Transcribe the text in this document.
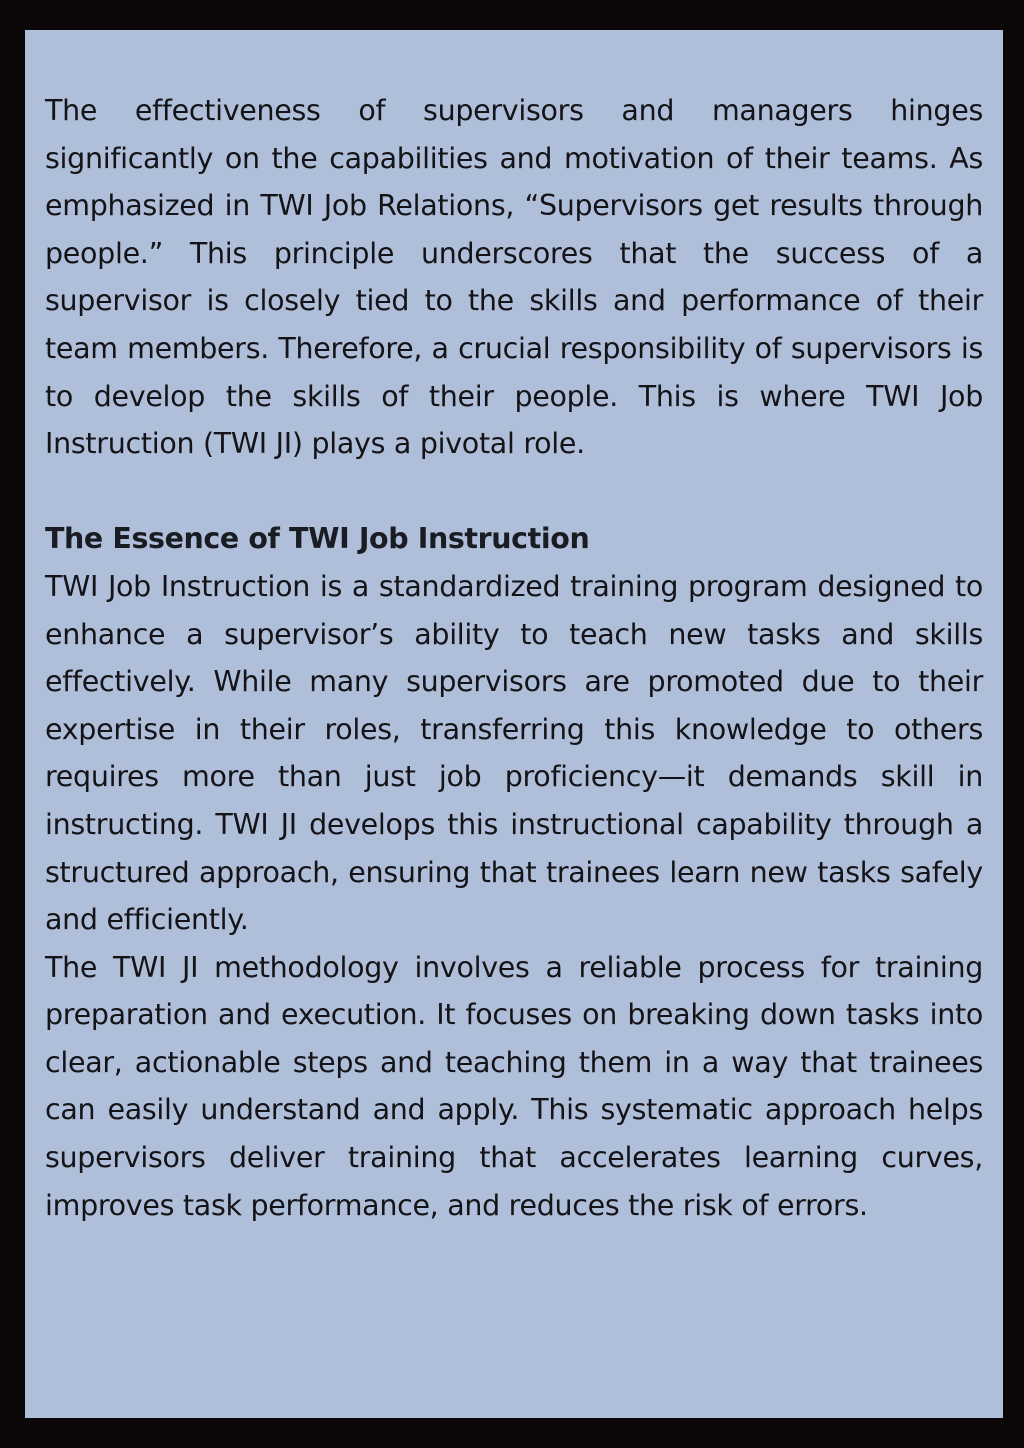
The effectiveness of supervisors and managers hinges significantly on the capabilities and motivation of their teams. As emphasized in TWI Job Relations, “Supervisors get results through people.” This principle underscores that the success of a supervisor is closely tied to the skills and performance of their team members. Therefore, a crucial responsibility of supervisors is to develop the skills of their people. This is where TWI Job Instruction (TWI JI) plays a pivotal role.

The Essence of TWI Job Instruction

TWI Job Instruction is a standardized training program designed to enhance a supervisor’s ability to teach new tasks and skills effectively. While many supervisors are promoted due to their expertise in their roles, transferring this knowledge to others requires more than just job proficiency—it demands skill in instructing. TWI JI develops this instructional capability through a structured approach, ensuring that trainees learn new tasks safely and efficiently.

The TWI JI methodology involves a reliable process for training preparation and execution. It focuses on breaking down tasks into clear, actionable steps and teaching them in a way that trainees can easily understand and apply. This systematic approach helps supervisors deliver training that accelerates learning curves, improves task performance, and reduces the risk of errors.
